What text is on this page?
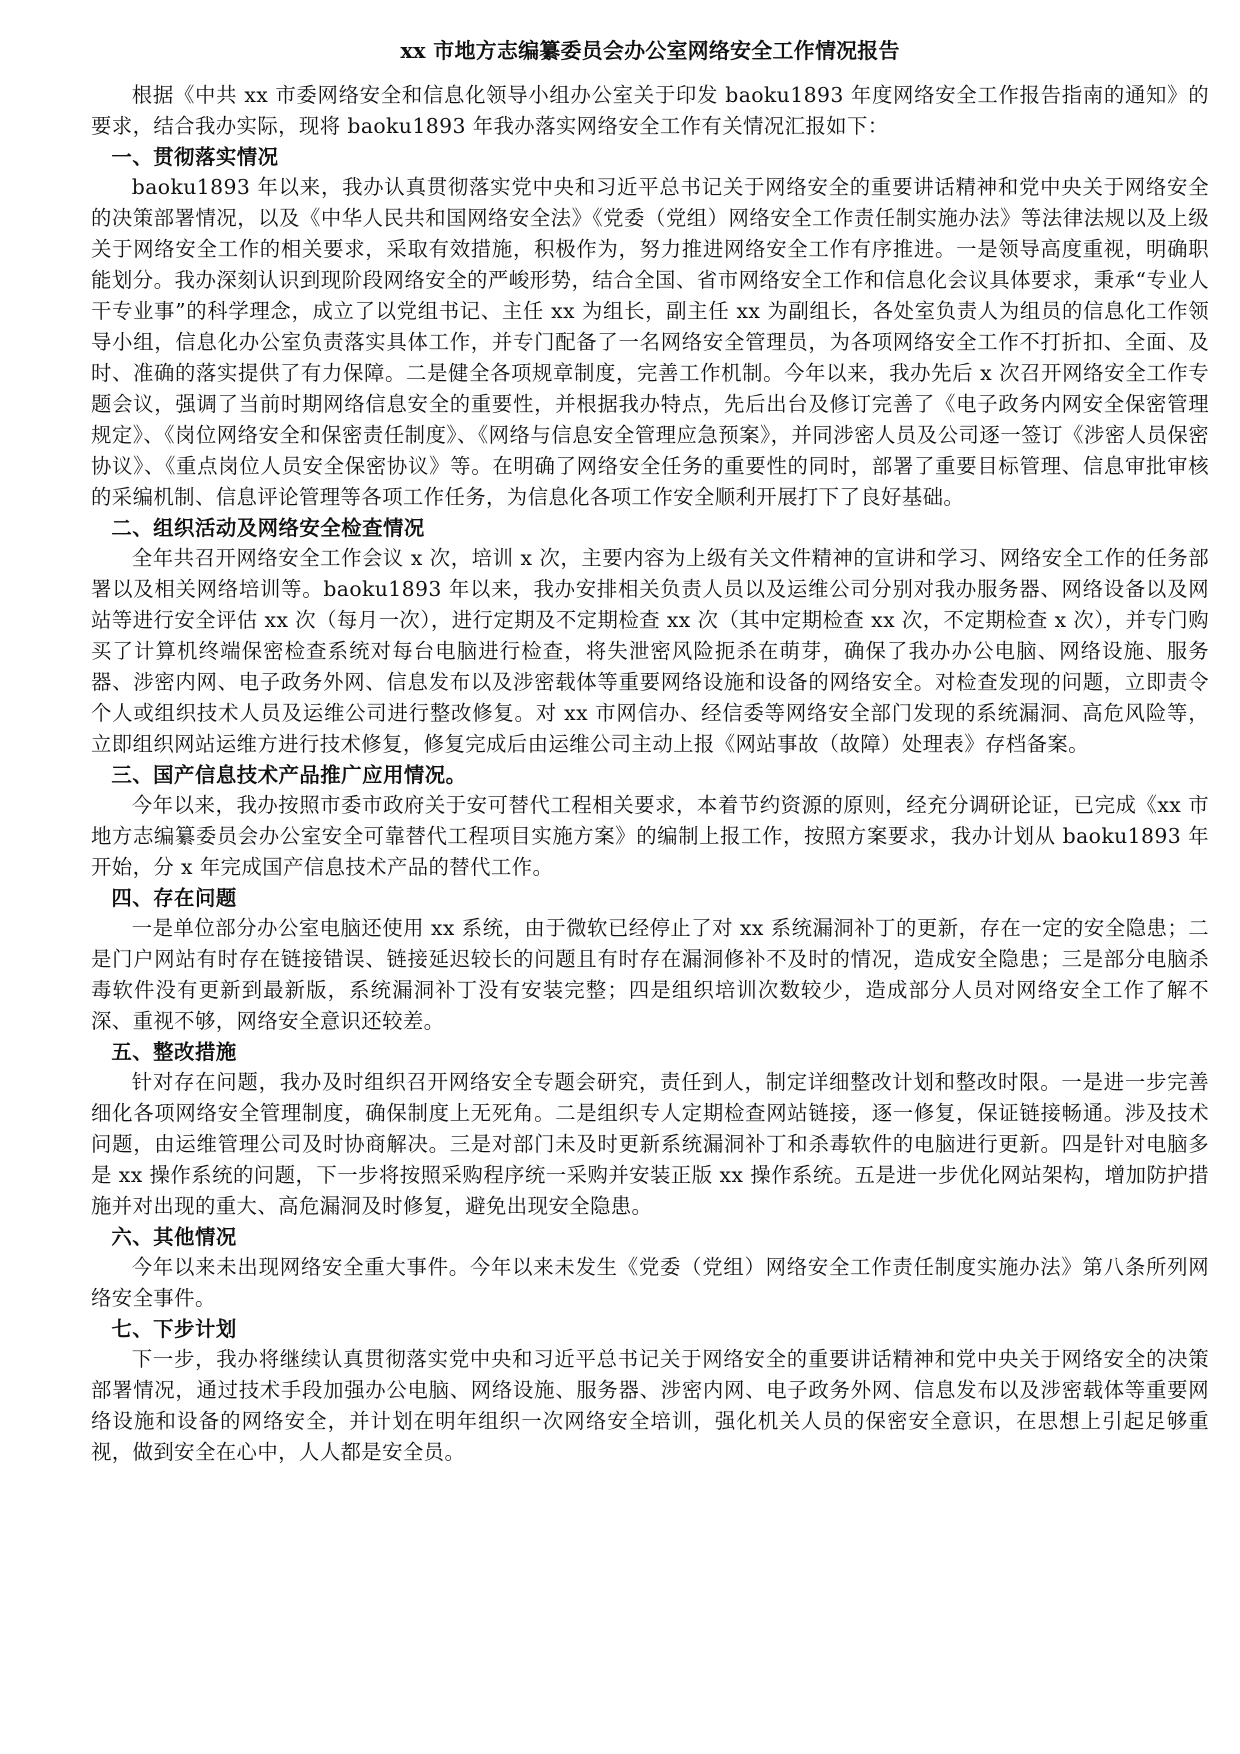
xx 市地方志编纂委员会办公室网络安全工作情况报告

根据《中共 xx 市委网络安全和信息化领导小组办公室关于印发 baoku1893 年度网络安全工作报告指南的通知》的要求，结合我办实际，现将 baoku1893 年我办落实网络安全工作有关情况汇报如下：

一、贯彻落实情况

baoku1893 年以来，我办认真贯彻落实党中央和习近平总书记关于网络安全的重要讲话精神和党中央关于网络安全的决策部署情况，以及《中华人民共和国网络安全法》《党委（党组）网络安全工作责任制实施办法》等法律法规以及上级关于网络安全工作的相关要求，采取有效措施，积极作为，努力推进网络安全工作有序推进。一是领导高度重视，明确职能划分。我办深刻认识到现阶段网络安全的严峻形势，结合全国、省市网络安全工作和信息化会议具体要求，秉承“专业人干专业事”的科学理念，成立了以党组书记、主任 xx 为组长，副主任 xx 为副组长，各处室负责人为组员的信息化工作领导小组，信息化办公室负责落实具体工作，并专门配备了一名网络安全管理员，为各项网络安全工作不打折扣、全面、及时、准确的落实提供了有力保障。二是健全各项规章制度，完善工作机制。今年以来，我办先后 x 次召开网络安全工作专题会议，强调了当前时期网络信息安全的重要性，并根据我办特点，先后出台及修订完善了《电子政务内网安全保密管理规定》、《岗位网络安全和保密责任制度》、《网络与信息安全管理应急预案》，并同涉密人员及公司逐一签订《涉密人员保密协议》、《重点岗位人员安全保密协议》等。在明确了网络安全任务的重要性的同时，部署了重要目标管理、信息审批审核的采编机制、信息评论管理等各项工作任务，为信息化各项工作安全顺利开展打下了良好基础。

二、组织活动及网络安全检查情况

全年共召开网络安全工作会议 x 次，培训 x 次，主要内容为上级有关文件精神的宣讲和学习、网络安全工作的任务部署以及相关网络培训等。baoku1893 年以来，我办安排相关负责人员以及运维公司分别对我办服务器、网络设备以及网站等进行安全评估 xx 次（每月一次），进行定期及不定期检查 xx 次（其中定期检查 xx 次，不定期检查 x 次），并专门购买了计算机终端保密检查系统对每台电脑进行检查，将失泄密风险扼杀在萌芽，确保了我办办公电脑、网络设施、服务器、涉密内网、电子政务外网、信息发布以及涉密载体等重要网络设施和设备的网络安全。对检查发现的问题，立即责令个人或组织技术人员及运维公司进行整改修复。对 xx 市网信办、经信委等网络安全部门发现的系统漏洞、高危风险等，立即组织网站运维方进行技术修复，修复完成后由运维公司主动上报《网站事故（故障）处理表》存档备案。

三、国产信息技术产品推广应用情况。

今年以来，我办按照市委市政府关于安可替代工程相关要求，本着节约资源的原则，经充分调研论证，已完成《xx 市地方志编纂委员会办公室安全可靠替代工程项目实施方案》的编制上报工作，按照方案要求，我办计划从 baoku1893 年开始，分 x 年完成国产信息技术产品的替代工作。

四、存在问题

一是单位部分办公室电脑还使用 xx 系统，由于微软已经停止了对 xx 系统漏洞补丁的更新，存在一定的安全隐患；二是门户网站有时存在链接错误、链接延迟较长的问题且有时存在漏洞修补不及时的情况，造成安全隐患；三是部分电脑杀毒软件没有更新到最新版，系统漏洞补丁没有安装完整；四是组织培训次数较少，造成部分人员对网络安全工作了解不深、重视不够，网络安全意识还较差。

五、整改措施

针对存在问题，我办及时组织召开网络安全专题会研究，责任到人，制定详细整改计划和整改时限。一是进一步完善细化各项网络安全管理制度，确保制度上无死角。二是组织专人定期检查网站链接，逐一修复，保证链接畅通。涉及技术问题，由运维管理公司及时协商解决。三是对部门未及时更新系统漏洞补丁和杀毒软件的电脑进行更新。四是针对电脑多是 xx 操作系统的问题，下一步将按照采购程序统一采购并安装正版 xx 操作系统。五是进一步优化网站架构，增加防护措施并对出现的重大、高危漏洞及时修复，避免出现安全隐患。

六、其他情况

今年以来未出现网络安全重大事件。今年以来未发生《党委（党组）网络安全工作责任制度实施办法》第八条所列网络安全事件。

七、下步计划

下一步，我办将继续认真贯彻落实党中央和习近平总书记关于网络安全的重要讲话精神和党中央关于网络安全的决策部署情况，通过技术手段加强办公电脑、网络设施、服务器、涉密内网、电子政务外网、信息发布以及涉密载体等重要网络设施和设备的网络安全，并计划在明年组织一次网络安全培训，强化机关人员的保密安全意识，在思想上引起足够重视，做到安全在心中，人人都是安全员。
